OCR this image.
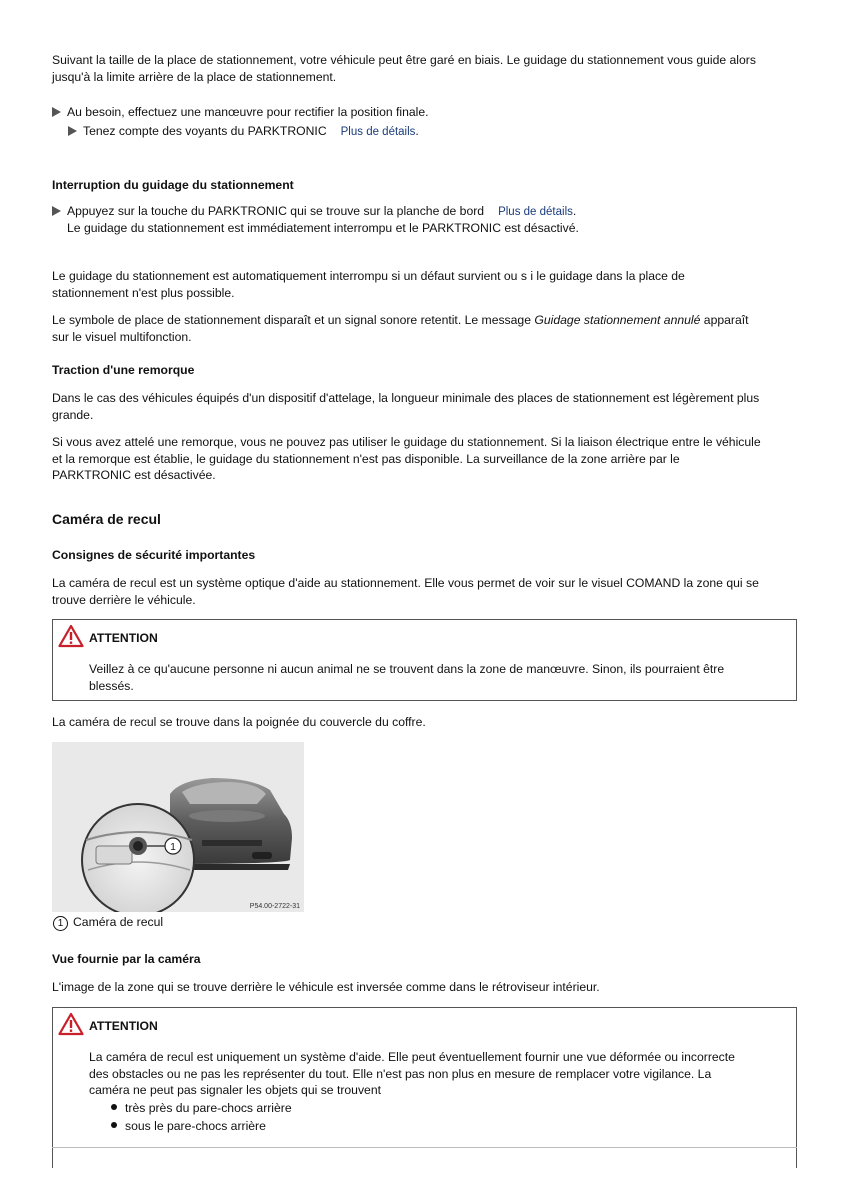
Suivant la taille de la place de stationnement, votre véhicule peut être garé en biais. Le guidage du stationnement vous guide alors

jusqu'à la limite arrière de la place de stationnement.

Au besoin, effectuez une manœuvre pour rectifier la position finale.
Tenez compte des voyants du PARKTRONIC Plus de détails.
Interruption du guidage du stationnement
Appuyez sur la touche du PARKTRONIC qui se trouve sur la planche de bord Plus de détails.
Le guidage du stationnement est immédiatement interrompu et le PARKTRONIC est désactivé.

Le guidage du stationnement est automatiquement interrompu si un défaut survient ou s i le guidage dans la place de

stationnement n'est plus possible.

Le symbole de place de stationnement disparaît et un signal sonore retentit. Le message Guidage stationnement annulé apparaît

sur le visuel multifonction.

Traction d'une remorque

Dans le cas des véhicules équipés d'un dispositif d'attelage, la longueur minimale des places de stationnement est légèrement plus

grande.

Si vous avez attelé une remorque, vous ne pouvez pas utiliser le guidage du stationnement. Si la liaison électrique entre le véhicule

et la remorque est établie, le guidage du stationnement n'est pas disponible. La surveillance de la zone arrière par le

PARKTRONIC est désactivée.

Caméra de recul
Consignes de sécurité importantes

La caméra de recul est un système optique d'aide au stationnement. Elle vous permet de voir sur le visuel COMAND la zone qui se

trouve derrière le véhicule.

ATTENTION

Veillez à ce qu'aucune personne ni aucun animal ne se trouvent dans la zone de manœuvre. Sinon, ils pourraient être

blessés.

La caméra de recul se trouve dans la poignée du couvercle du coffre.
1
P54.00-2722-31
1 Caméra de recul
Vue fournie par la caméra
L'image de la zone qui se trouve derrière le véhicule est inversée comme dans le rétroviseur intérieur.
ATTENTION

La caméra de recul est uniquement un système d'aide. Elle peut éventuellement fournir une vue déformée ou incorrecte

des obstacles ou ne pas les représenter du tout. Elle n'est pas non plus en mesure de remplacer votre vigilance. La

caméra ne peut pas signaler les objets qui se trouvent

très près du pare-chocs arrière

sous le pare-chocs arrière
